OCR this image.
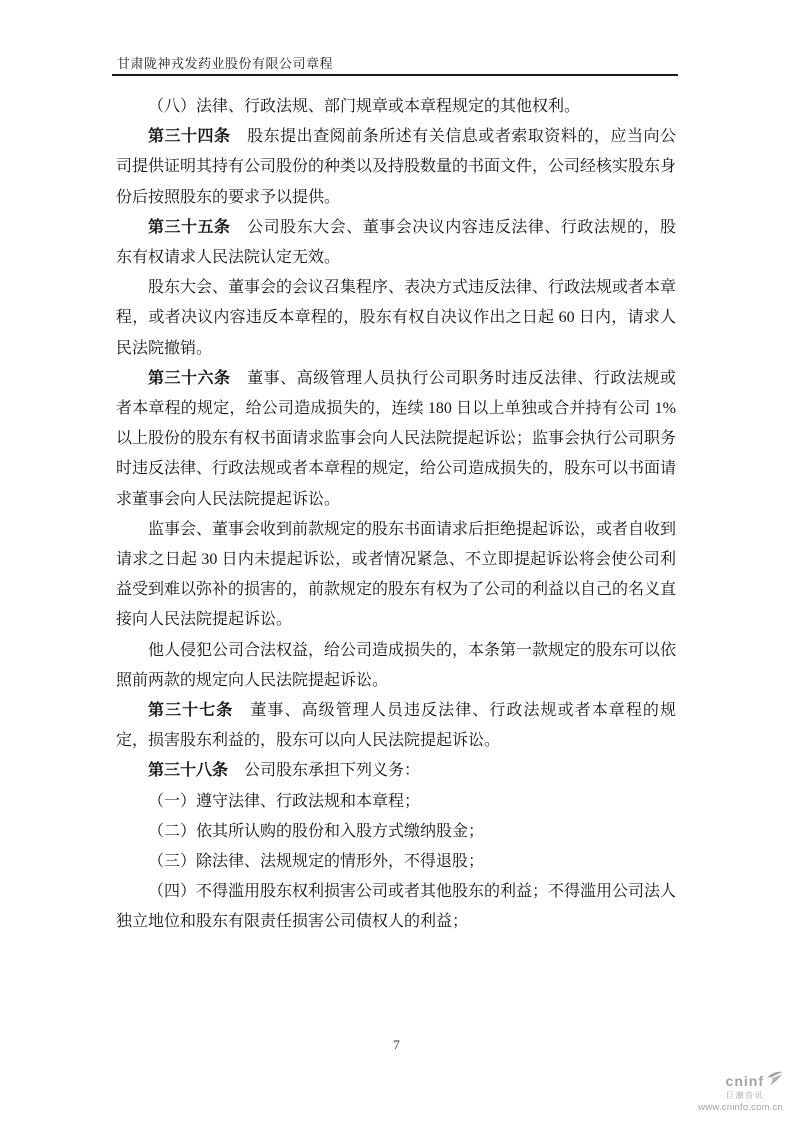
甘肃陇神戎发药业股份有限公司章程

（八）法律、行政法规、部门规章或本章程规定的其他权利。

第三十四条　股东提出查阅前条所述有关信息或者索取资料的，应当向公司提供证明其持有公司股份的种类以及持股数量的书面文件，公司经核实股东身份后按照股东的要求予以提供。

第三十五条　公司股东大会、董事会决议内容违反法律、行政法规的，股东有权请求人民法院认定无效。

股东大会、董事会的会议召集程序、表决方式违反法律、行政法规或者本章程，或者决议内容违反本章程的，股东有权自决议作出之日起 60 日内，请求人民法院撤销。

第三十六条　董事、高级管理人员执行公司职务时违反法律、行政法规或者本章程的规定，给公司造成损失的，连续 180 日以上单独或合并持有公司 1%以上股份的股东有权书面请求监事会向人民法院提起诉讼；监事会执行公司职务时违反法律、行政法规或者本章程的规定，给公司造成损失的，股东可以书面请求董事会向人民法院提起诉讼。

监事会、董事会收到前款规定的股东书面请求后拒绝提起诉讼，或者自收到请求之日起 30 日内未提起诉讼，或者情况紧急、不立即提起诉讼将会使公司利益受到难以弥补的损害的，前款规定的股东有权为了公司的利益以自己的名义直接向人民法院提起诉讼。

他人侵犯公司合法权益，给公司造成损失的，本条第一款规定的股东可以依照前两款的规定向人民法院提起诉讼。

第三十七条　董事、高级管理人员违反法律、行政法规或者本章程的规定，损害股东利益的，股东可以向人民法院提起诉讼。

第三十八条　公司股东承担下列义务：

（一）遵守法律、行政法规和本章程；

（二）依其所认购的股份和入股方式缴纳股金；

（三）除法律、法规规定的情形外，不得退股；

（四）不得滥用股东权利损害公司或者其他股东的利益；不得滥用公司法人独立地位和股东有限责任损害公司债权人的利益；

7
cninf
巨潮资讯
www.cninfo.com.cn
